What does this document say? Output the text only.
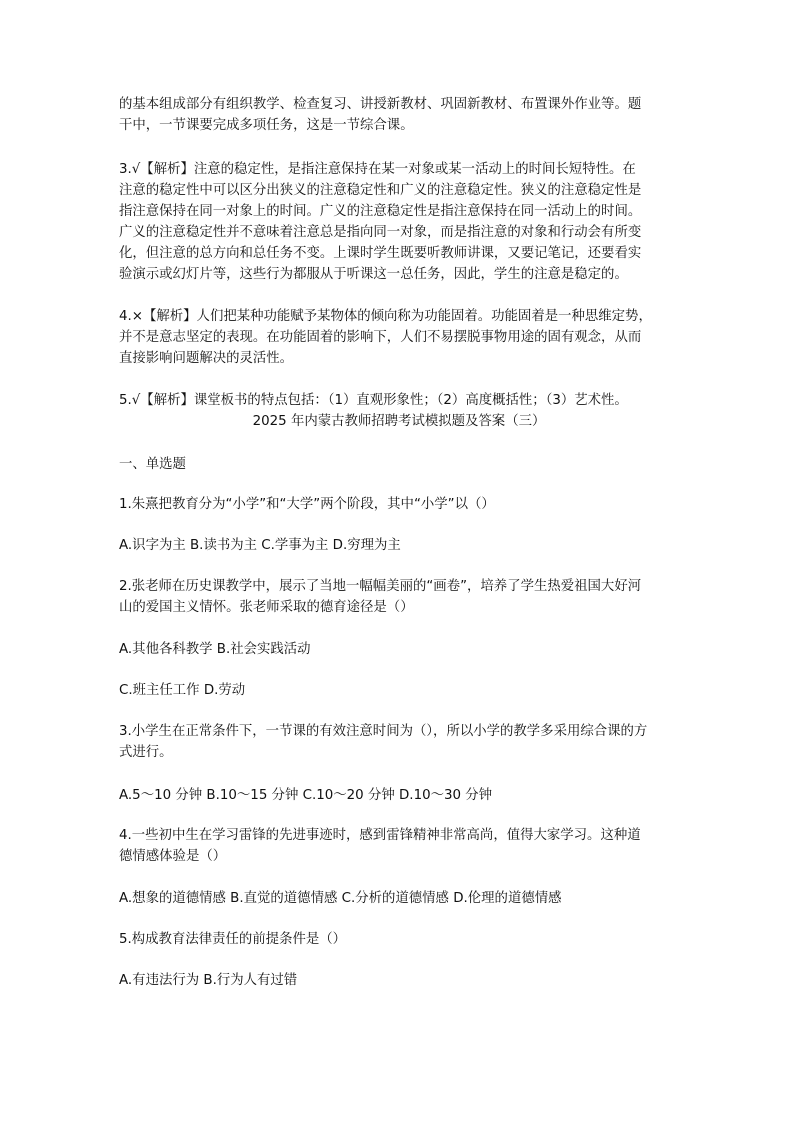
的基本组成部分有组织教学、检查复习、讲授新教材、巩固新教材、布置课外作业等。题
干中，一节课要完成多项任务，这是一节综合课。
3.√【解析】注意的稳定性，是指注意保持在某一对象或某一活动上的时间长短特性。在
注意的稳定性中可以区分出狭义的注意稳定性和广义的注意稳定性。狭义的注意稳定性是
指注意保持在同一对象上的时间。广义的注意稳定性是指注意保持在同一活动上的时间。
广义的注意稳定性并不意味着注意总是指向同一对象，而是指注意的对象和行动会有所变
化，但注意的总方向和总任务不变。上课时学生既要听教师讲课，又要记笔记，还要看实
验演示或幻灯片等，这些行为都服从于听课这一总任务，因此，学生的注意是稳定的。
4.×【解析】人们把某种功能赋予某物体的倾向称为功能固着。功能固着是一种思维定势，
并不是意志坚定的表现。在功能固着的影响下，人们不易摆脱事物用途的固有观念，从而
直接影响问题解决的灵活性。
5.√【解析】课堂板书的特点包括：（1）直观形象性；（2）高度概括性；（3）艺术性。
2025 年内蒙古教师招聘考试模拟题及答案（三）
一、单选题
1.朱熹把教育分为“小学”和“大学”两个阶段，其中“小学”以（）
A.识字为主 B.读书为主 C.学事为主 D.穷理为主
2.张老师在历史课教学中，展示了当地一幅幅美丽的“画卷”，培养了学生热爱祖国大好河
山的爱国主义情怀。张老师采取的德育途径是（）
A.其他各科教学 B.社会实践活动
C.班主任工作 D.劳动
3.小学生在正常条件下，一节课的有效注意时间为（），所以小学的教学多采用综合课的方
式进行。
A.5～10 分钟 B.10～15 分钟 C.10～20 分钟 D.10～30 分钟
4.一些初中生在学习雷锋的先进事迹时，感到雷锋精神非常高尚，值得大家学习。这种道
德情感体验是（）
A.想象的道德情感 B.直觉的道德情感 C.分析的道德情感 D.伦理的道德情感
5.构成教育法律责任的前提条件是（）
A.有违法行为 B.行为人有过错
